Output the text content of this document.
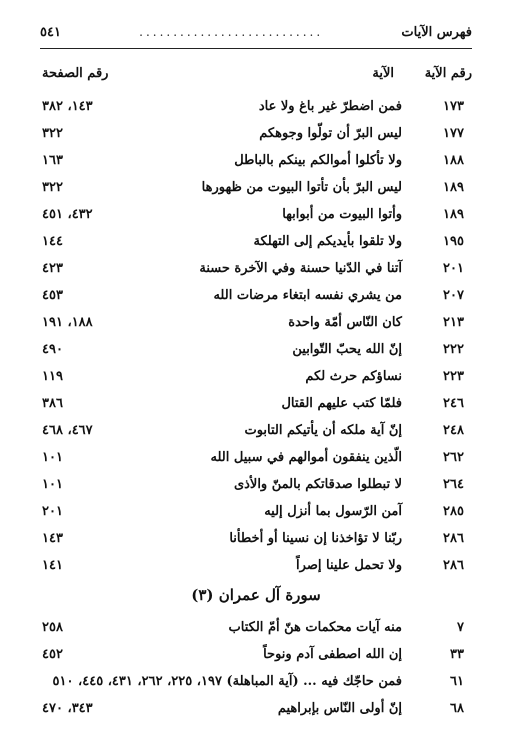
فهرس الآيات
...........................
٥٤١
رقم الآية
الآية
رقم الصفحة
١٧٣
فمن اضطرّ غير باغ ولا عاد
١٤٣، ٣٨٢
١٧٧
ليس البرّ أن تولّوا وجوهكم
٣٢٢
١٨٨
ولا تأكلوا أموالكم بينكم بالباطل
١٦٣
١٨٩
ليس البرّ بأن تأتوا البيوت من ظهورها
٣٢٢
١٨٩
وأتوا البيوت من أبوابها
٤٣٢، ٤٥١
١٩٥
ولا تلقوا بأيديكم إلى التهلكة
١٤٤
٢٠١
آتنا في الدّنيا حسنة وفي الآخرة حسنة
٤٢٣
٢٠٧
من يشري نفسه ابتغاء مرضات الله
٤٥٣
٢١٣
كان النّاس أمّة واحدة
١٨٨، ١٩١
٢٢٢
إنّ الله يحبّ التّوابين
٤٩٠
٢٢٣
نساؤكم حرث لكم
١١٩
٢٤٦
فلمّا كتب عليهم القتال
٣٨٦
٢٤٨
إنّ آية ملكه أن يأتيكم التابوت
٤٦٧، ٤٦٨
٢٦٢
الّذين ينفقون أموالهم في سبيل الله
١٠١
٢٦٤
لا تبطلوا صدقاتكم بالمنّ والأذى
١٠١
٢٨٥
آمن الرّسول بما أنزل إليه
٢٠١
٢٨٦
ربّنا لا تؤاخذنا إن نسينا أو أخطأنا
١٤٣
٢٨٦
ولا تحمل علينا إصراً
١٤١
سورة آل عمران (٣)
٧
منه آيات محكمات هنّ أمّ الكتاب
٢٥٨
٣٣
إن الله اصطفى آدم ونوحاً
٤٥٢
٦١
فمن حاجّك فيه ... (آية المباهلة) ١٩٧، ٢٢٥، ٢٦٢، ٤٣١، ٤٤٥، ٥١٠
٦٨
إنّ أولى النّاس بإبراهيم
٣٤٣، ٤٧٠
